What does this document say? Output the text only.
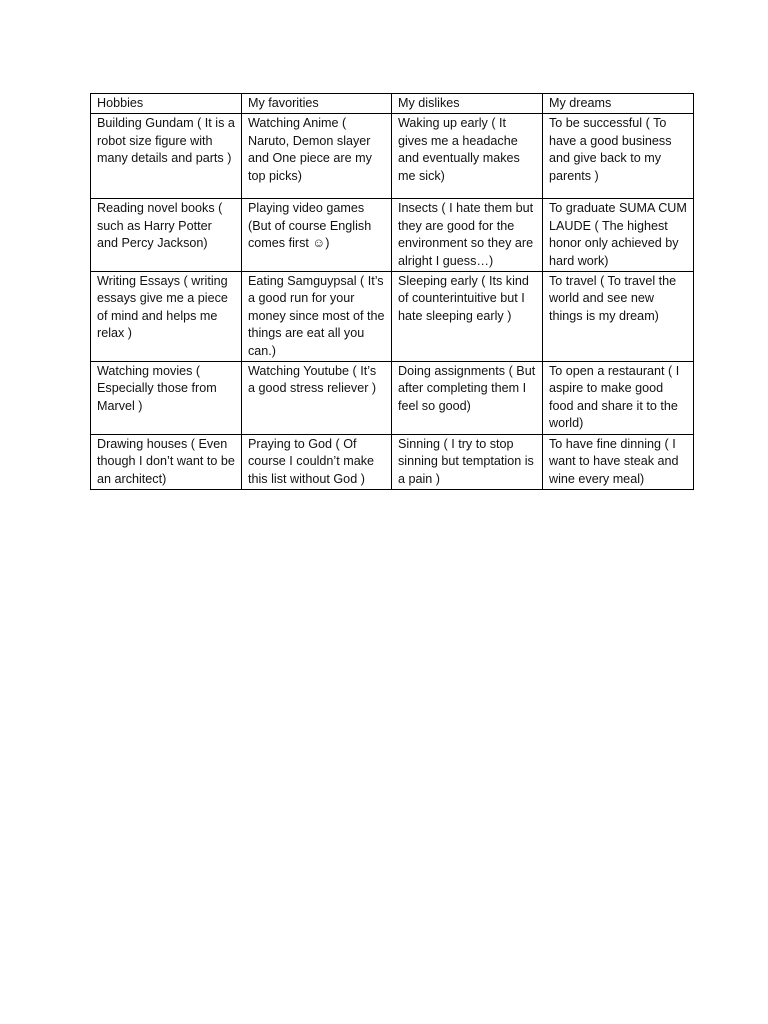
Hobbies	My favorities	My dislikes	My dreams
Building Gundam ( It is a robot size figure with many details and parts )	Watching Anime ( Naruto, Demon slayer and One piece are my top picks)	Waking up early ( It gives me a headache and eventually makes me sick)	To be successful ( To have a good business and give back to my parents )
Reading novel books ( such as Harry Potter and Percy Jackson)	Playing video games (But of course English comes first ☺)	Insects ( I hate them but they are good for the environment so they are alright I guess…)	To graduate SUMA CUM LAUDE ( The highest honor only achieved by hard work)
Writing Essays ( writing essays give me a piece of mind and helps me relax )	Eating Samguypsal ( It’s a good run for your money since most of the things are eat all you can.)	Sleeping early ( Its kind of counterintuitive but I hate sleeping early )	To travel ( To travel the world and see new things is my dream)
Watching movies ( Especially those from Marvel )	Watching Youtube ( It’s a good stress reliever )	Doing assignments ( But after completing them I feel so good)	To open a restaurant ( I aspire to make good food and share it to the world)
Drawing houses ( Even though I don’t want to be an architect)	Praying to God ( Of course I couldn’t make this list without God )	Sinning ( I try to stop sinning but temptation is a pain )	To have fine dinning ( I want to have steak and wine every meal)
